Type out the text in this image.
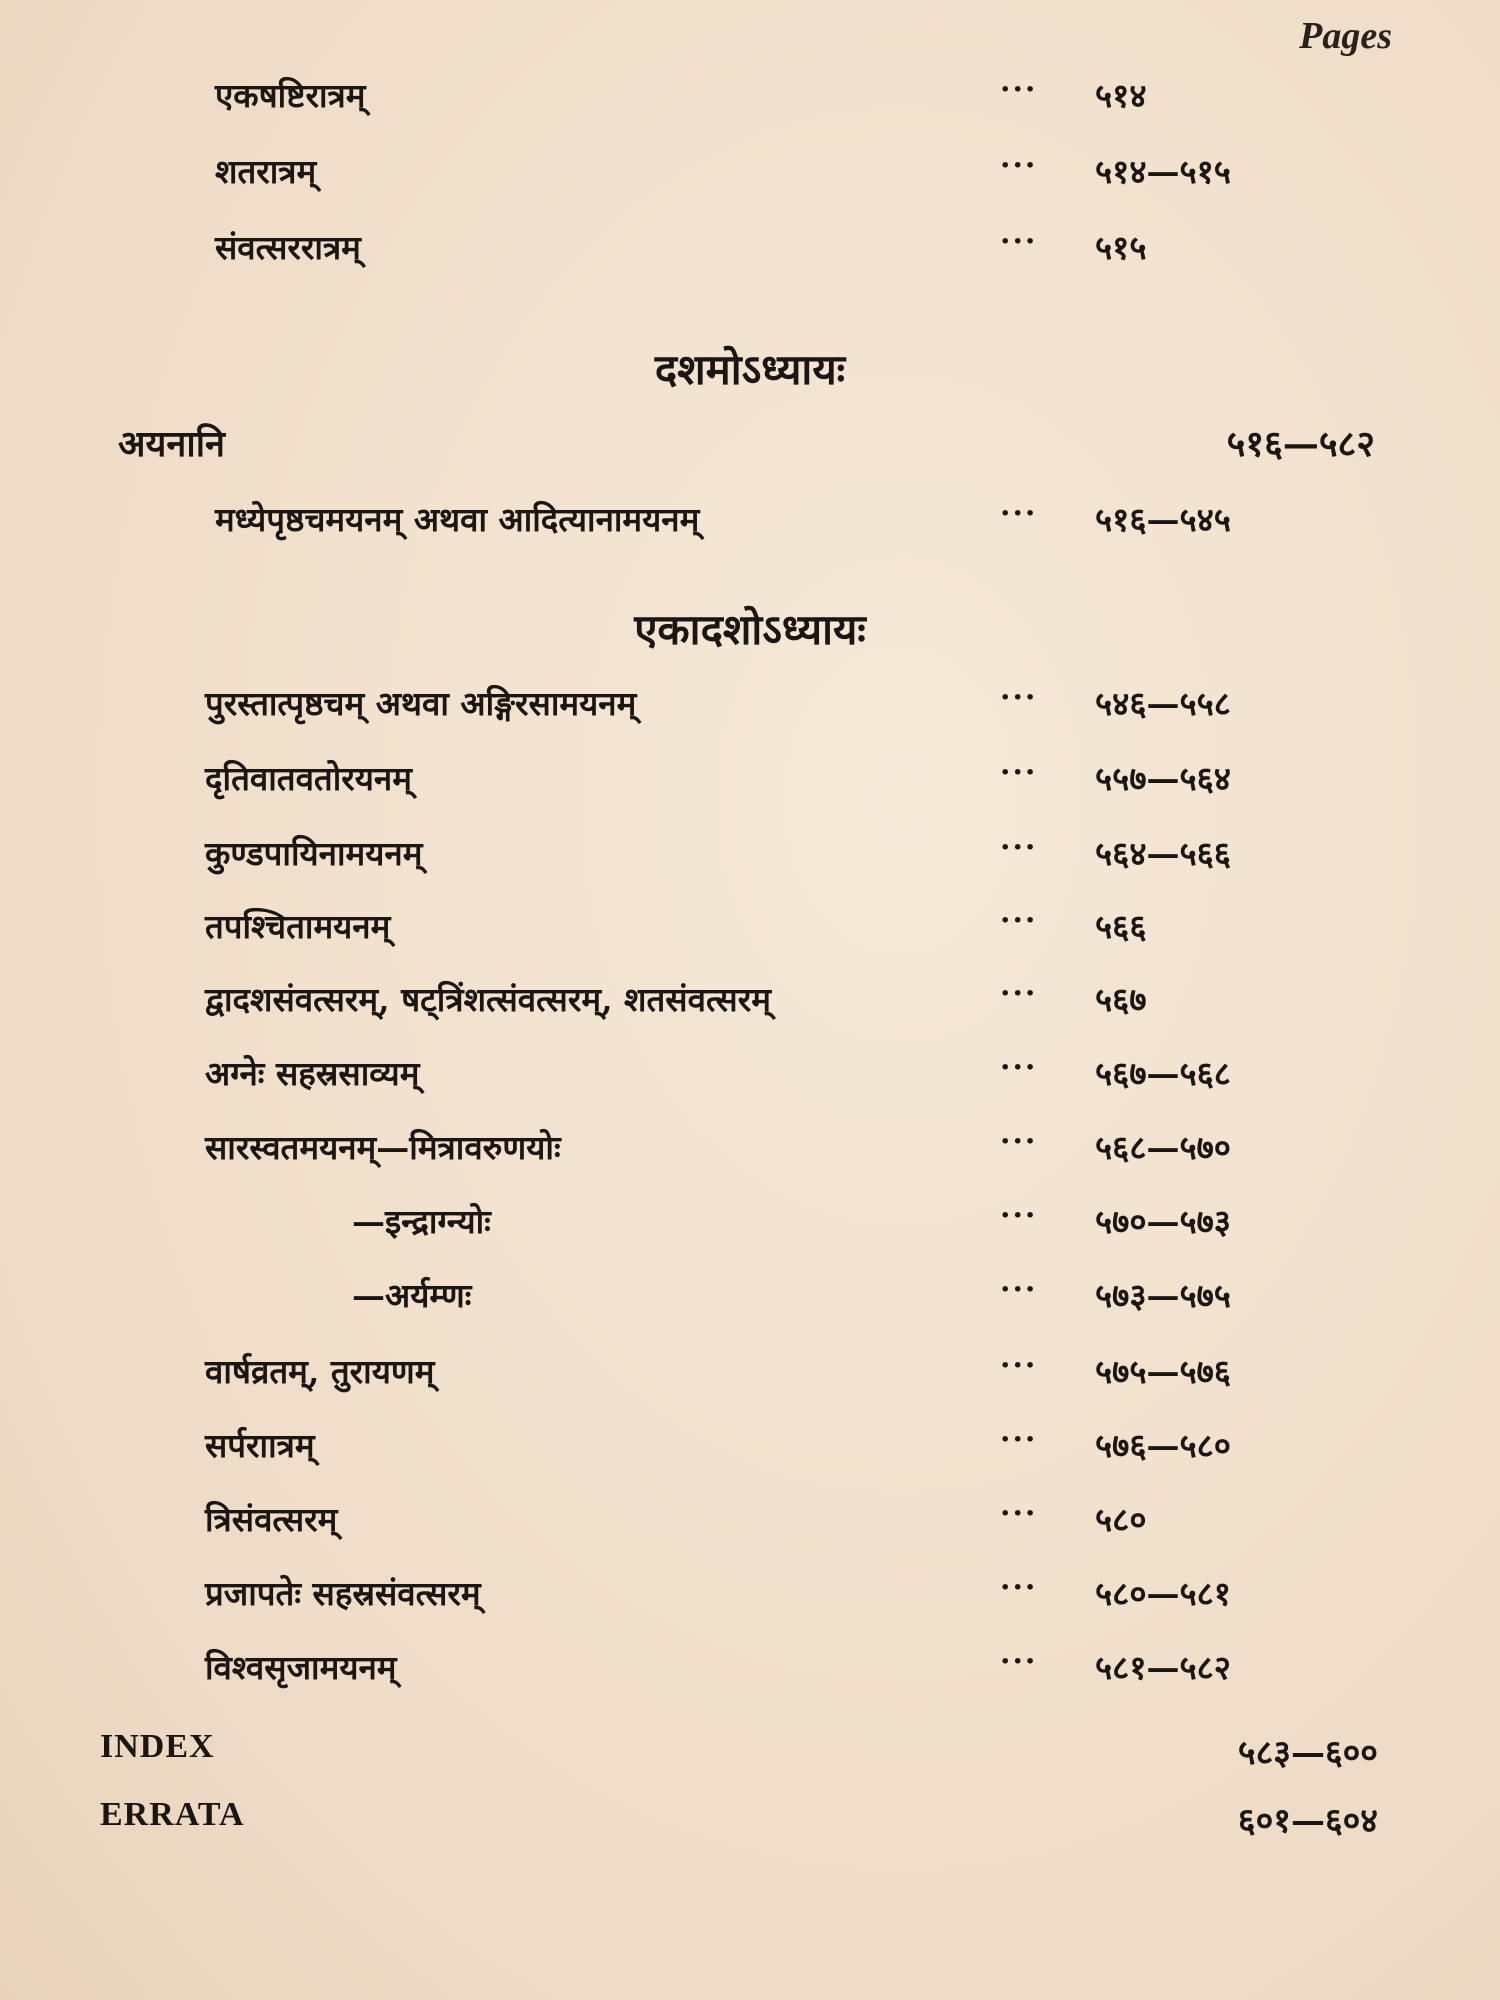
Pages
एकषष्टिरात्रम्	··· ५१४
शतरात्रम्	··· ५१४—५१५
संवत्सररात्रम्	··· ५१५
दशमोऽध्यायः
अयनानि	५१६—५८२
मध्येपृष्ठचमयनम् अथवा आदित्यानामयनम्	··· ५१६—५४५
एकादशोऽध्यायः
पुरस्तात्पृष्ठचम् अथवा अङ्गिरसामयनम्	··· ५४६—५५८
दृतिवातवतोरयनम्	··· ५५७—५६४
कुण्डपायिनामयनम्	··· ५६४—५६६
तपश्चितामयनम्	··· ५६६
द्वादशसंवत्सरम्, षट्त्रिंशत्संवत्सरम्, शतसंवत्सरम्	··· ५६७
अग्नेः सहस्रसाव्यम्	··· ५६७—५६८
सारस्वतमयनम्—मित्रावरुणयोः	··· ५६८—५७०
—इन्द्राग्न्योः	··· ५७०—५७३
—अर्यम्णः	··· ५७३—५७५
वार्षव्रतम्, तुरायणम्	··· ५७५—५७६
सर्पराात्रम्	··· ५७६—५८०
त्रिसंवत्सरम्	··· ५८०
प्रजापतेः सहस्रसंवत्सरम्	··· ५८०—५८१
विश्वसृजामयनम्	··· ५८१—५८२
INDEX	५८३—६००
ERRATA	६०१—६०४
